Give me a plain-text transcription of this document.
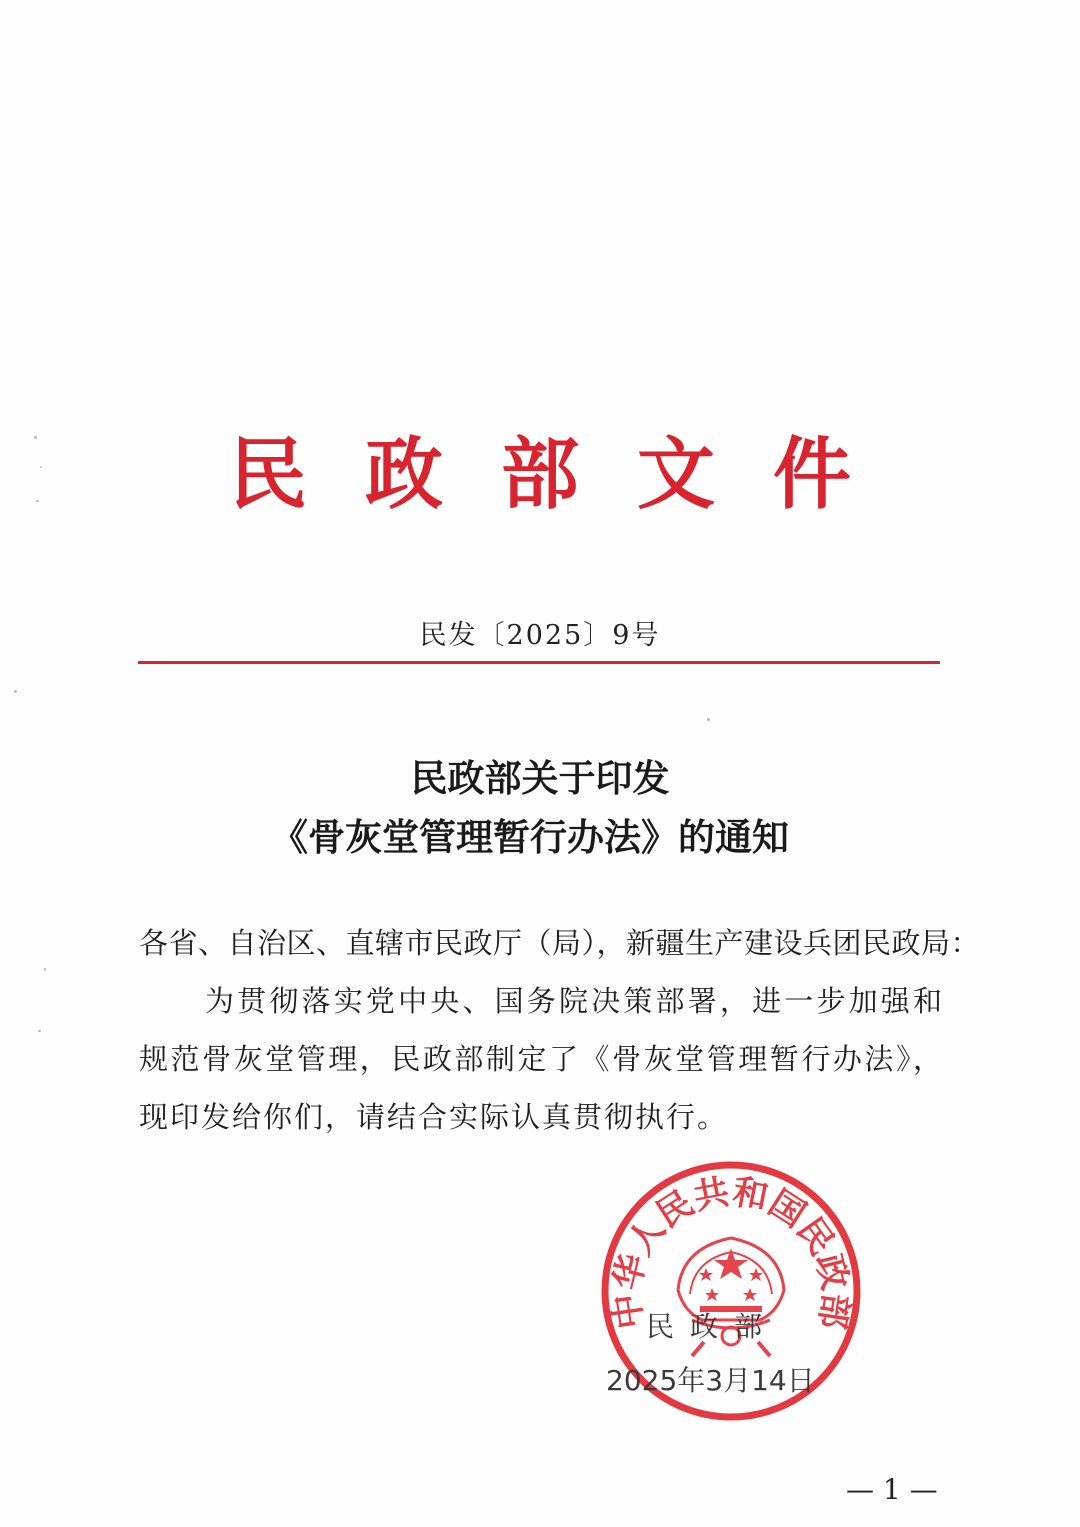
民政部文件
民发〔2025〕9号
民政部关于印发
《骨灰堂管理暂行办法》的通知
各省、自治区、直辖市民政厅（局），新疆生产建设兵团民政局：
为贯彻落实党中央、国务院决策部署，进一步加强和规范骨灰堂管理，民政部制定了《骨灰堂管理暂行办法》，现印发给你们，请结合实际认真贯彻执行。
中华人民共和国民政部
民政部
2025年3月14日
— 1 —
